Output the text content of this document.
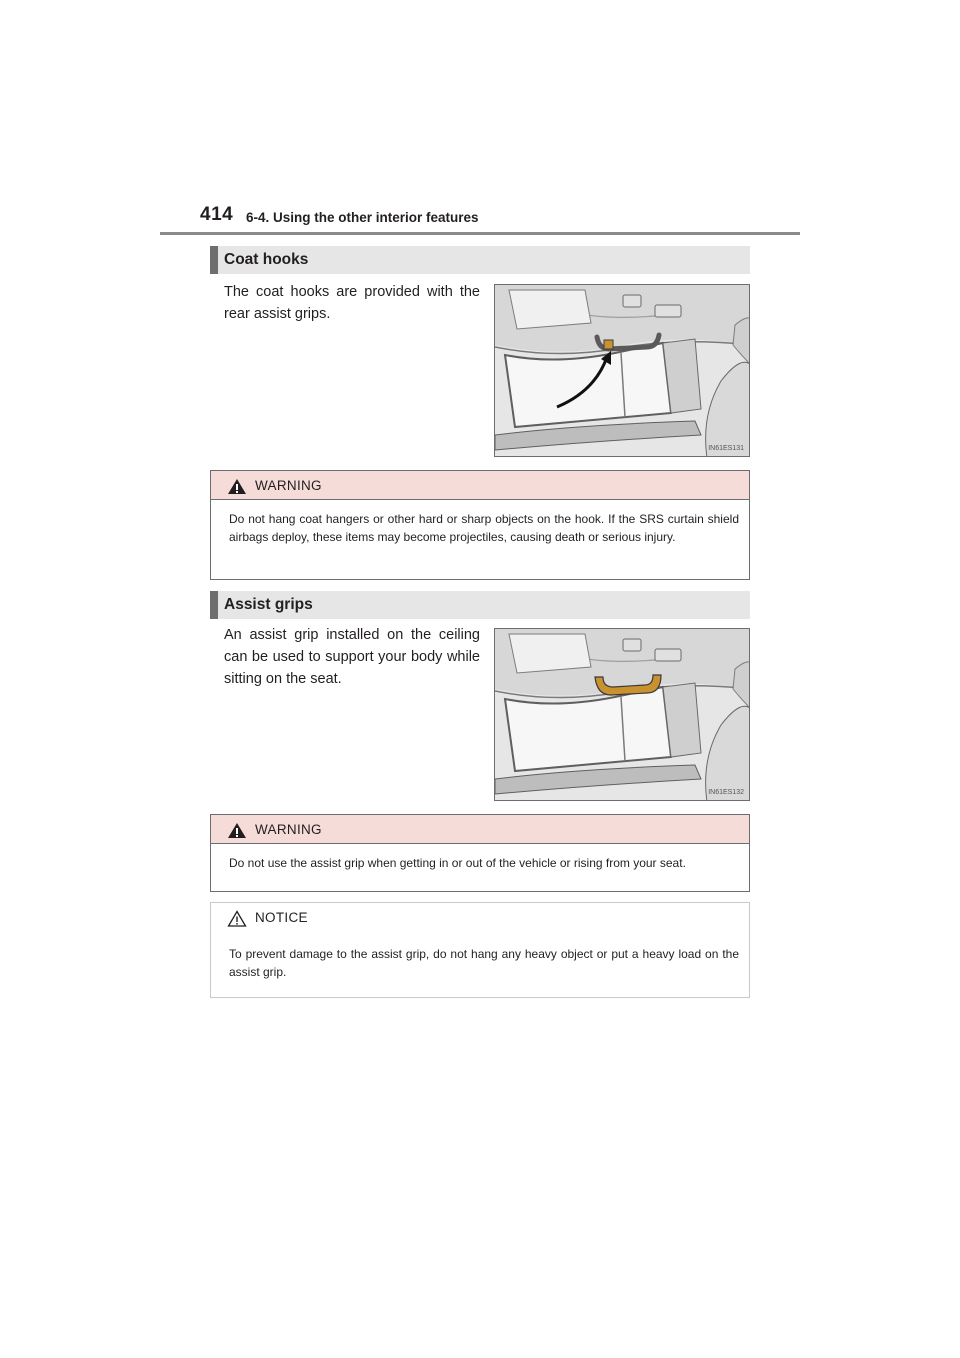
414 6-4. Using the other interior features
Coat hooks
The coat hooks are provided with the rear assist grips.
IN61ES131
WARNING
Do not hang coat hangers or other hard or sharp objects on the hook. If the SRS curtain shield airbags deploy, these items may become projectiles, causing death or serious injury.
Assist grips
An assist grip installed on the ceiling can be used to support your body while sitting on the seat.
IN61ES132
WARNING
Do not use the assist grip when getting in or out of the vehicle or rising from your seat.
NOTICE
To prevent damage to the assist grip, do not hang any heavy object or put a heavy load on the assist grip.
